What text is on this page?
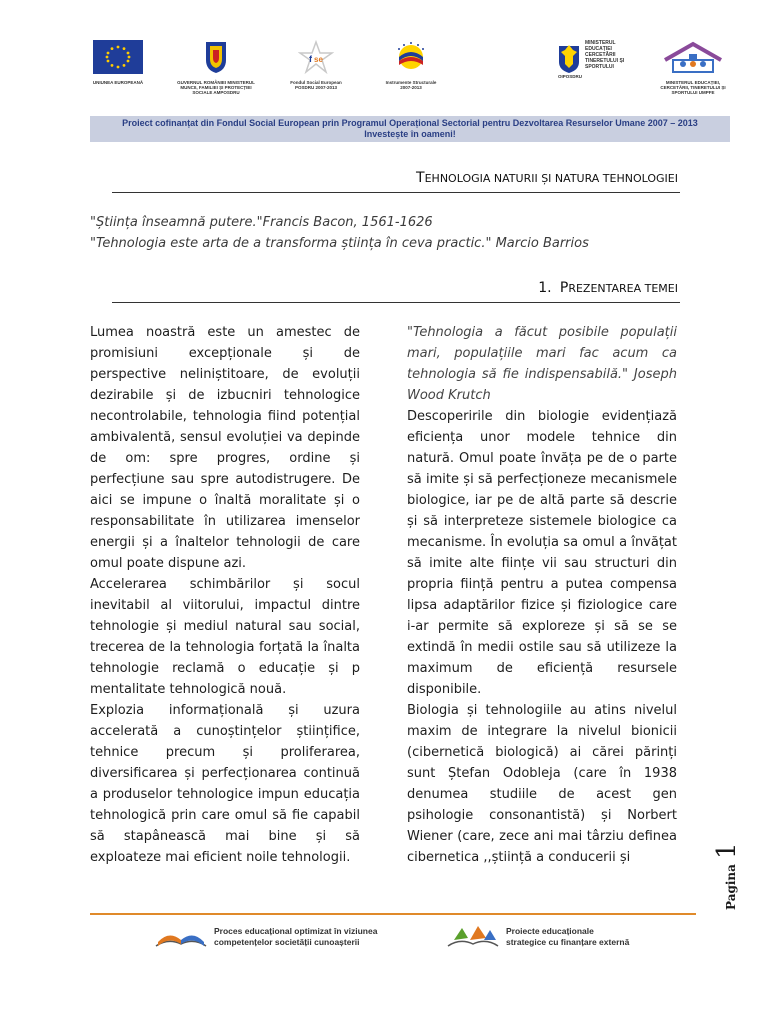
UNIUNEA EUROPEANĂ	GUVERNUL ROMÂNIEI MINISTERUL MUNCII, FAMILIEI ȘI PROTECȚIEI SOCIALE AMPOSDRU
f se
Fondul Social European POSDRU 2007-2013
Instrumente Structurale 2007-2013
MINISTERUL EDUCAȚIEI CERCETĂRII TINERETULUI ȘI SPORTULUI
OIPOSDRU
MINISTERUL EDUCAȚIEI, CERCETĂRII, TINERETULUI ȘI SPORTULUI UMPFE
Proiect cofinanțat din Fondul Social European prin Programul Operațional Sectorial pentru Dezvoltarea Resurselor Umane 2007 – 2013
Investește în oameni!
TEHNOLOGIA NATURII ȘI NATURA TEHNOLOGIEI
"Știința înseamnă putere."Francis Bacon, 1561-1626
"Tehnologia este arta de a transforma știința în ceva practic." Marcio Barrios
1. PREZENTAREA TEMEI

Lumea noastră este un amestec de promisiuni excepționale și de perspective neliniștitoare, de evoluții dezirabile și de izbucniri tehnologice necontrolabile, tehnologia fiind potențial ambivalentă, sensul evoluției va depinde de om: spre progres, ordine și perfecțiune sau spre autodistrugere. De aici se impune o înaltă moralitate și o responsabilitate în utilizarea imenselor energii și a înaltelor tehnologii de care omul poate dispune azi.

Accelerarea schimbărilor și socul inevitabil al viitorului, impactul dintre tehnologie și mediul natural sau social, trecerea de la tehnologia forțată la înalta tehnologie reclamă o educație și p mentalitate tehnologică nouă.

Explozia informațională și uzura accelerată a cunoștințelor științifice, tehnice precum și proliferarea, diversificarea și perfecționarea continuă a produselor tehnologice impun educația tehnologică prin care omul să fie capabil să stapânească mai bine și să exploateze mai eficient noile tehnologii.

"Tehnologia a făcut posibile populații mari, populațiile mari fac acum ca tehnologia să fie indispensabilă." Joseph Wood Krutch

Descoperirile din biologie evidențiază eficiența unor modele tehnice din natură. Omul poate învăța pe de o parte să imite și să perfecționeze mecanismele biologice, iar pe de altă parte să descrie și să interpreteze sistemele biologice ca mecanisme. În evoluția sa omul a învățat să imite alte ființe vii sau structuri din propria ființă pentru a putea compensa lipsa adaptărilor fizice și fiziologice care i-ar permite să exploreze și să se se extindă în medii ostile sau să utilizeze la maximum de eficiență resursele disponibile.

Biologia și tehnologiile au atins nivelul maxim de integrare la nivelul bionicii (cibernetică biologică) ai cărei părinți sunt Ștefan Odobleja (care în 1938 denumea studiile de acest gen psihologie consonantistă) și Norbert Wiener (care, zece ani mai târziu definea cibernetica ,,știință a conducerii și

Pagina 1
Proces educațional optimizat în viziunea
competențelor societății cunoașterii
Proiecte educaționale
strategice cu finanțare externă
